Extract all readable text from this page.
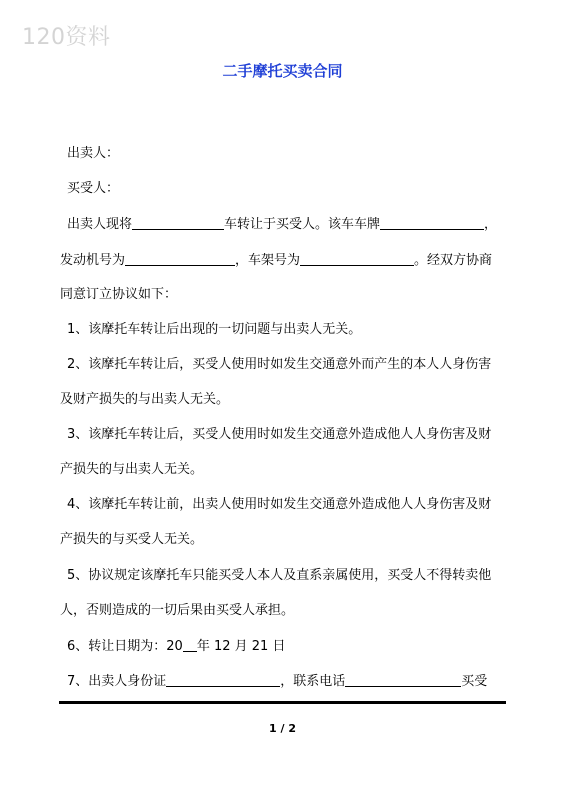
120资料
二手摩托买卖合同
出卖人：
买受人：
出卖人现将	车转让于买受人。该车车牌	，
发动机号为	，车架号为	。经双方协商
同意订立协议如下：
1、该摩托车转让后出现的一切问题与出卖人无关。
2、该摩托车转让后，买受人使用时如发生交通意外而产生的本人人身伤害
及财产损失的与出卖人无关。
3、该摩托车转让后，买受人使用时如发生交通意外造成他人人身伤害及财
产损失的与出卖人无关。
4、该摩托车转让前，出卖人使用时如发生交通意外造成他人人身伤害及财
产损失的与买受人无关。
5、协议规定该摩托车只能买受人本人及直系亲属使用，买受人不得转卖他
人，否则造成的一切后果由买受人承担。
6、转让日期为：20 年 12 月 21 日
7、出卖人身份证	，联系电话	买受
1 / 2
